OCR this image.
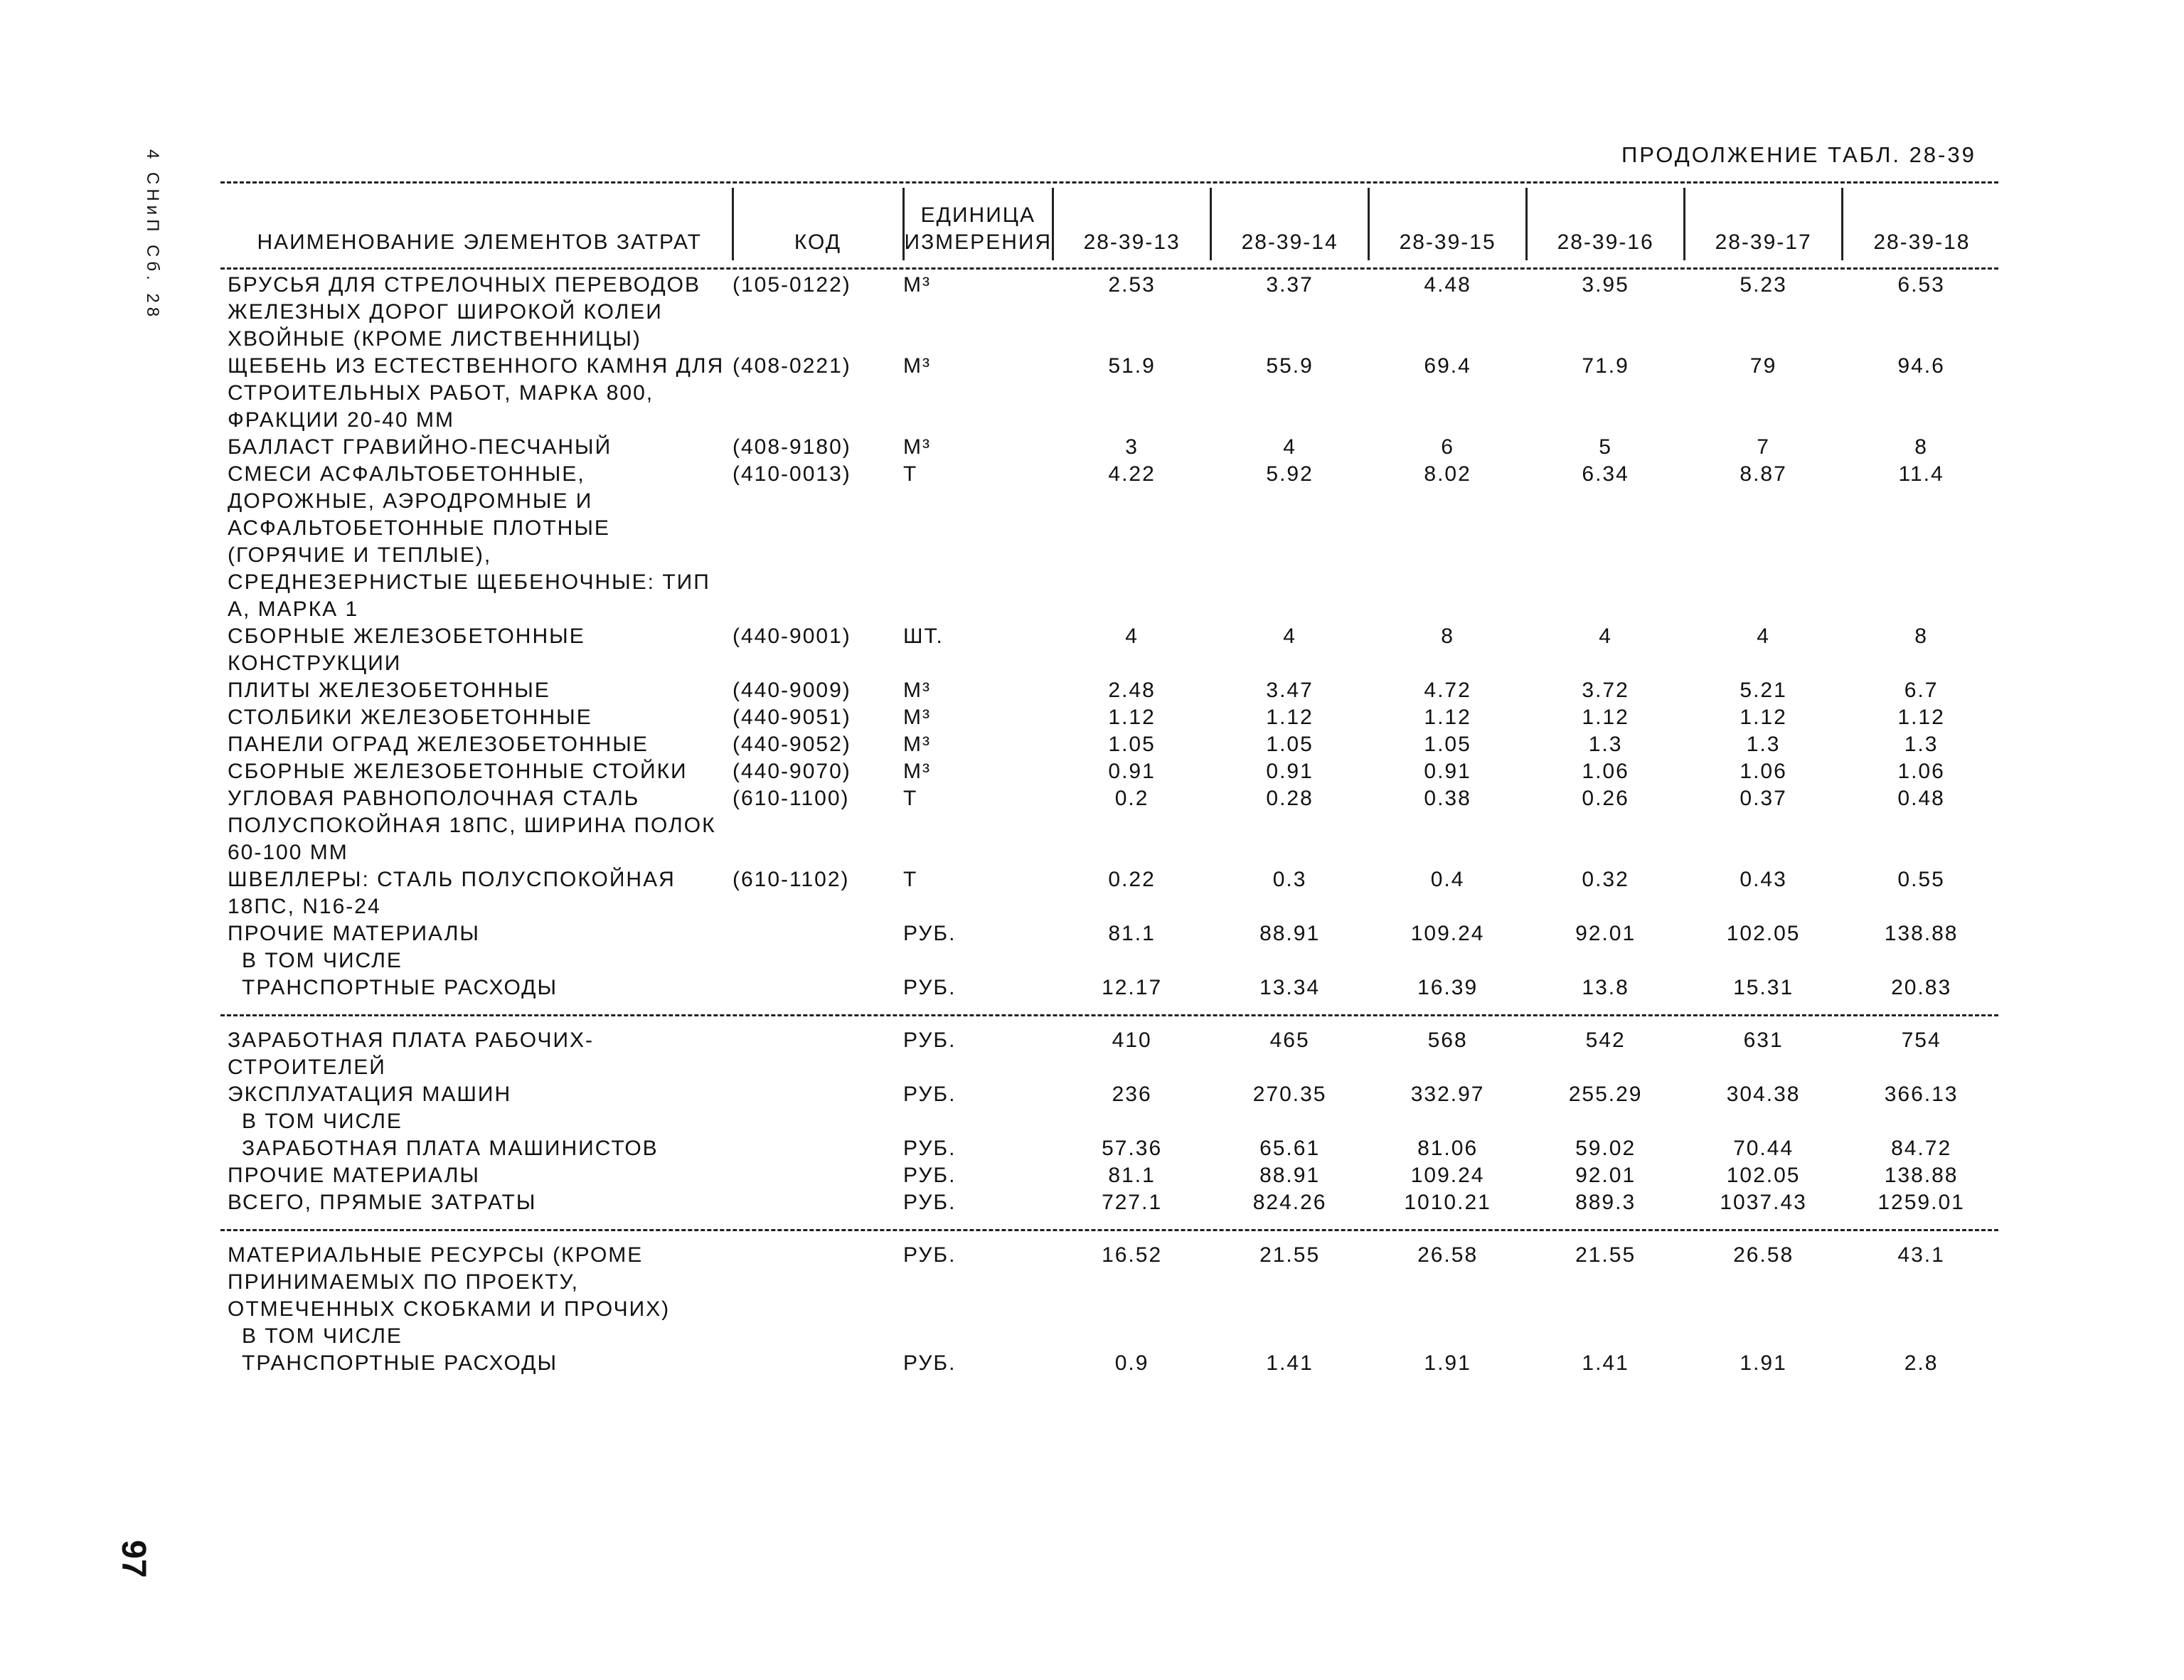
4 СНиП Сб. 28
97
ПРОДОЛЖЕНИЕ ТАБЛ. 28-39
НАИМЕНОВАНИЕ ЭЛЕМЕНТОВ ЗАТРАТ	КОД	ЕДИНИЦА
ИЗМЕРЕНИЯ	28-39-13	28-39-14	28-39-15	28-39-16	28-39-17	28-39-18

БРУСЬЯ ДЛЯ СТРЕЛОЧНЫХ ПЕРЕВОДОВ ЖЕЛЕЗНЫХ ДОРОГ ШИРОКОЙ КОЛЕИ ХВОЙНЫЕ (КРОМЕ ЛИСТВЕННИЦЫ)	(105-0122)	М³	2.53	3.37	4.48	3.95	5.23	6.53
ЩЕБЕНЬ ИЗ ЕСТЕСТВЕННОГО КАМНЯ ДЛЯ СТРОИТЕЛЬНЫХ РАБОТ, МАРКА 800, ФРАКЦИИ 20-40 ММ	(408-0221)	М³	51.9	55.9	69.4	71.9	79	94.6
БАЛЛАСТ ГРАВИЙНО-ПЕСЧАНЫЙ	(408-9180)	М³	3	4	6	5	7	8
СМЕСИ АСФАЛЬТОБЕТОННЫЕ, ДОРОЖНЫЕ, АЭРОДРОМНЫЕ И АСФАЛЬТОБЕТОННЫЕ ПЛОТНЫЕ (ГОРЯЧИЕ И ТЕПЛЫЕ), СРЕДНЕЗЕРНИСТЫЕ ЩЕБЕНОЧНЫЕ: ТИП А, МАРКА 1	(410-0013)	Т	4.22	5.92	8.02	6.34	8.87	11.4
СБОРНЫЕ ЖЕЛЕЗОБЕТОННЫЕ КОНСТРУКЦИИ	(440-9001)	ШТ.	4	4	8	4	4	8
ПЛИТЫ ЖЕЛЕЗОБЕТОННЫЕ	(440-9009)	М³	2.48	3.47	4.72	3.72	5.21	6.7
СТОЛБИКИ ЖЕЛЕЗОБЕТОННЫЕ	(440-9051)	М³	1.12	1.12	1.12	1.12	1.12	1.12
ПАНЕЛИ ОГРАД ЖЕЛЕЗОБЕТОННЫЕ	(440-9052)	М³	1.05	1.05	1.05	1.3	1.3	1.3
СБОРНЫЕ ЖЕЛЕЗОБЕТОННЫЕ СТОЙКИ	(440-9070)	М³	0.91	0.91	0.91	1.06	1.06	1.06
УГЛОВАЯ РАВНОПОЛОЧНАЯ СТАЛЬ ПОЛУСПОКОЙНАЯ 18ПС, ШИРИНА ПОЛОК 60-100 ММ	(610-1100)	Т	0.2	0.28	0.38	0.26	0.37	0.48
ШВЕЛЛЕРЫ: СТАЛЬ ПОЛУСПОКОЙНАЯ 18ПС, N16-24	(610-1102)	Т	0.22	0.3	0.4	0.32	0.43	0.55
ПРОЧИЕ МАТЕРИАЛЫ		РУБ.	81.1	88.91	109.24	92.01	102.05	138.88
В ТОМ ЧИСЛЕ								
ТРАНСПОРТНЫЕ РАСХОДЫ		РУБ.	12.17	13.34	16.39	13.8	15.31	20.83

ЗАРАБОТНАЯ ПЛАТА РАБОЧИХ-СТРОИТЕЛЕЙ		РУБ.	410	465	568	542	631	754
ЭКСПЛУАТАЦИЯ МАШИН		РУБ.	236	270.35	332.97	255.29	304.38	366.13
В ТОМ ЧИСЛЕ								
ЗАРАБОТНАЯ ПЛАТА МАШИНИСТОВ		РУБ.	57.36	65.61	81.06	59.02	70.44	84.72
ПРОЧИЕ МАТЕРИАЛЫ		РУБ.	81.1	88.91	109.24	92.01	102.05	138.88
ВСЕГО, ПРЯМЫЕ ЗАТРАТЫ		РУБ.	727.1	824.26	1010.21	889.3	1037.43	1259.01

МАТЕРИАЛЬНЫЕ РЕСУРСЫ (КРОМЕ ПРИНИМАЕМЫХ ПО ПРОЕКТУ, ОТМЕЧЕННЫХ СКОБКАМИ И ПРОЧИХ)		РУБ.	16.52	21.55	26.58	21.55	26.58	43.1
В ТОМ ЧИСЛЕ								
ТРАНСПОРТНЫЕ РАСХОДЫ		РУБ.	0.9	1.41	1.91	1.41	1.91	2.8
